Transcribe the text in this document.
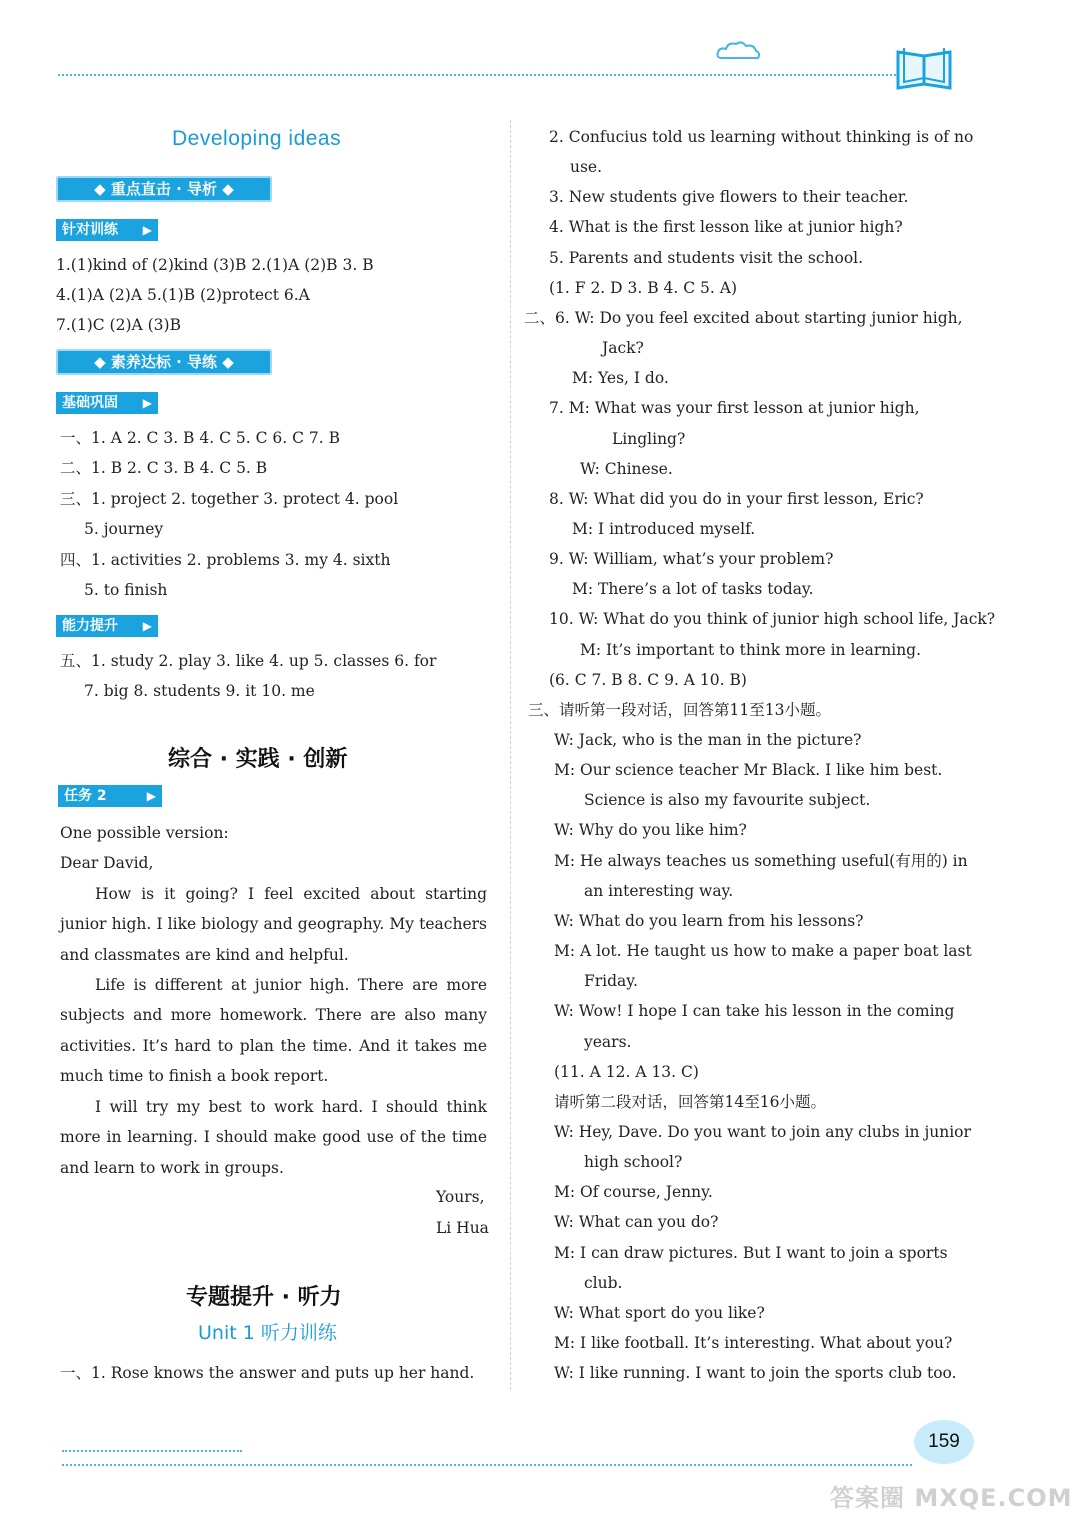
Developing ideas
◆ 重点直击 · 导析 ◆
针对训练 ▶
1.(1)kind of (2)kind (3)B 2.(1)A (2)B 3. B
4.(1)A (2)A 5.(1)B (2)protect 6.A
7.(1)C (2)A (3)B
◆ 素养达标 · 导练 ◆
基础巩固 ▶
一、1. A 2. C 3. B 4. C 5. C 6. C 7. B
二、1. B 2. C 3. B 4. C 5. B
三、1. project 2. together 3. protect 4. pool
5. journey
四、1. activities 2. problems 3. my 4. sixth
5. to finish
能力提升 ▶
五、1. study 2. play 3. like 4. up 5. classes 6. for
7. big 8. students 9. it 10. me
综合 · 实践 · 创新
任务 2	▶
One possible version:
Dear David,
How is it going? I feel excited about starting junior high. I like biology and geography. My teachers and classmates are kind and helpful.
Life is different at junior high. There are more subjects and more homework. There are also many activities. It’s hard to plan the time. And it takes me much time to finish a book report.
I will try my best to work hard. I should think more in learning. I should make good use of the time and learn to work in groups.
Yours,
Li Hua
专题提升 · 听力
Unit 1 听力训练
一、1. Rose knows the answer and puts up her hand.
2. Confucius told us learning without thinking is of no
use.
3. New students give flowers to their teacher.
4. What is the first lesson like at junior high?
5. Parents and students visit the school.
(1. F 2. D 3. B 4. C 5. A)
二、6. W: Do you feel excited about starting junior high,
Jack?
M: Yes, I do.
7. M: What was your first lesson at junior high,
Lingling?
W: Chinese.
8. W: What did you do in your first lesson, Eric?
M: I introduced myself.
9. W: William, what’s your problem?
M: There’s a lot of tasks today.
10. W: What do you think of junior high school life, Jack?
M: It’s important to think more in learning.
(6. C 7. B 8. C 9. A 10. B)
三、请听第一段对话，回答第11至13小题。
W: Jack, who is the man in the picture?
M: Our science teacher Mr Black. I like him best.
Science is also my favourite subject.
W: Why do you like him?
M: He always teaches us something useful(有用的) in
an interesting way.
W: What do you learn from his lessons?
M: A lot. He taught us how to make a paper boat last
Friday.
W: Wow! I hope I can take his lesson in the coming
years.
(11. A 12. A 13. C)
请听第二段对话，回答第14至16小题。
W: Hey, Dave. Do you want to join any clubs in junior
high school?
M: Of course, Jenny.
W: What can you do?
M: I can draw pictures. But I want to join a sports
club.
W: What sport do you like?
M: I like football. It’s interesting. What about you?
W: I like running. I want to join the sports club too.
159
答案圈 MXQE.COM
